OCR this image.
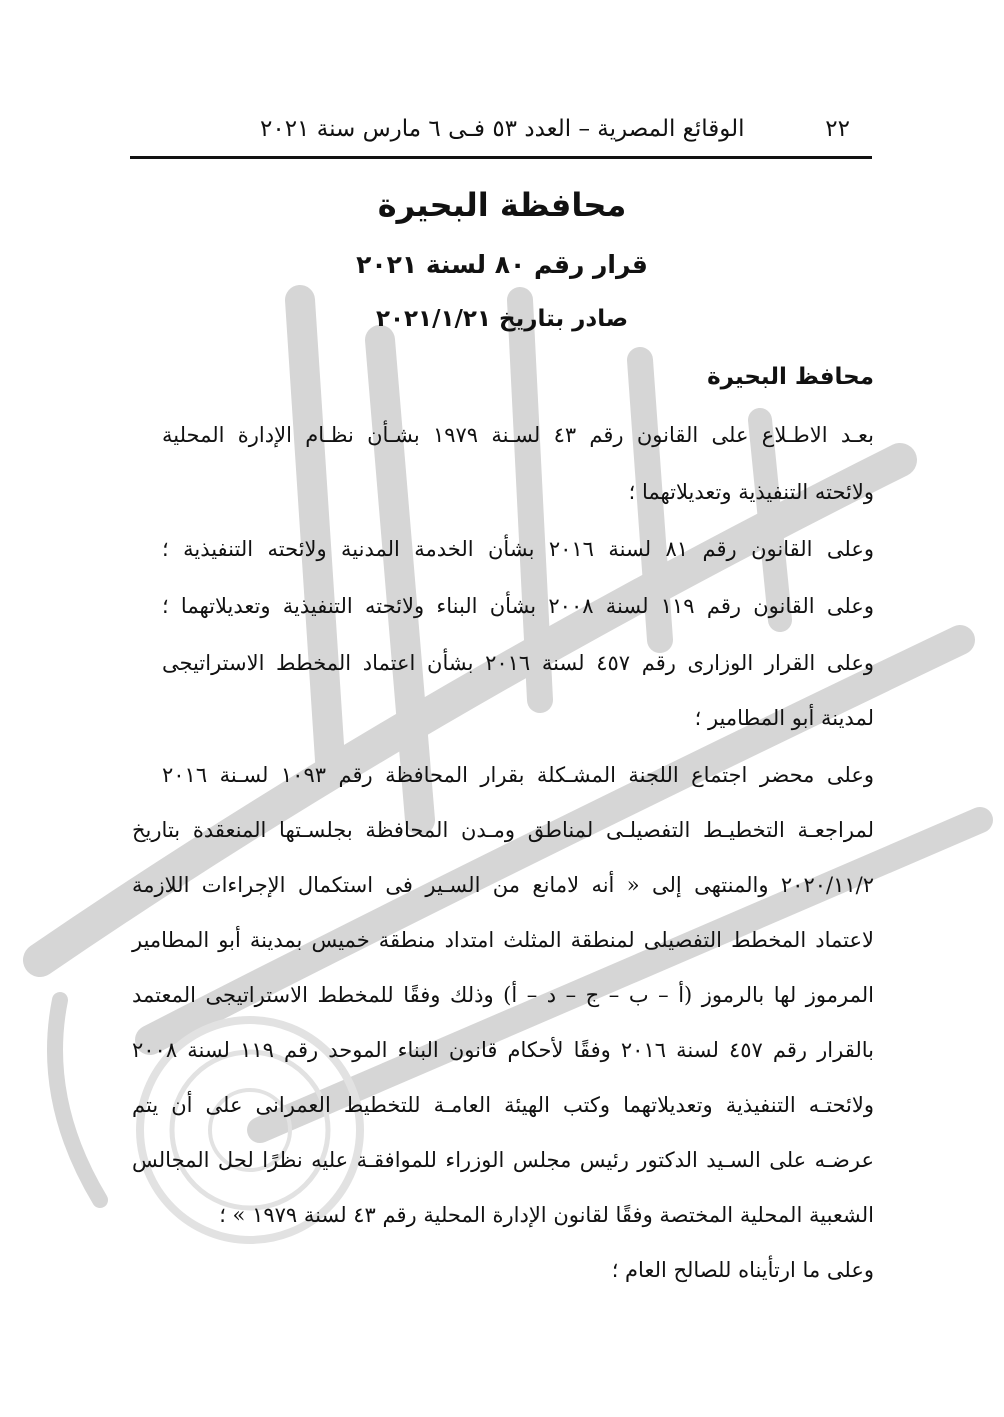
٢٢
الوقائع المصرية – العدد ٥٣ فـى ٦ مارس سنة ٢٠٢١
محافظة البحيرة
قرار رقم ٨٠ لسنة ٢٠٢١
صادر بتاريخ ٢٠٢١/١/٢١
محافظ البحيرة
بعـد الاطـلاع على القانون رقم ٤٣ لسـنة ١٩٧٩ بشـأن نظـام الإدارة المحلية
ولائحته التنفيذية وتعديلاتهما ؛
وعلى القانون رقم ٨١ لسنة ٢٠١٦ بشأن الخدمة المدنية ولائحته التنفيذية ؛
وعلى القانون رقم ١١٩ لسنة ٢٠٠٨ بشأن البناء ولائحته التنفيذية وتعديلاتهما ؛
وعلى القرار الوزارى رقم ٤٥٧ لسنة ٢٠١٦ بشأن اعتماد المخطط الاستراتيجى
لمدينة أبو المطامير ؛
وعلى محضر اجتماع اللجنة المشـكلة بقرار المحافظة رقم ١٠٩٣ لسـنة ٢٠١٦
لمراجعـة التخطيـط التفصيلـى لمناطق ومـدن المحافظة بجلسـتها المنعقدة بتاريخ
٢٠٢٠/١١/٢ والمنتهى إلى « أنه لامانع من السـير فى استكمال الإجراءات اللازمة
لاعتماد المخطط التفصيلى لمنطقة المثلث امتداد منطقة خميس بمدينة أبو المطامير
المرموز لها بالرموز (أ – ب – ج – د – أ) وذلك وفقًا للمخطط الاستراتيجى المعتمد
بالقرار رقم ٤٥٧ لسنة ٢٠١٦ وفقًا لأحكام قانون البناء الموحد رقم ١١٩ لسنة ٢٠٠٨
ولائحتـه التنفيذية وتعديلاتهما وكتب الهيئة العامـة للتخطيط العمرانى على أن يتم
عرضـه على السـيد الدكتور رئيس مجلس الوزراء للموافقـة عليه نظرًا لحل المجالس
الشعبية المحلية المختصة وفقًا لقانون الإدارة المحلية رقم ٤٣ لسنة ١٩٧٩ » ؛
وعلى ما ارتأيناه للصالح العام ؛
